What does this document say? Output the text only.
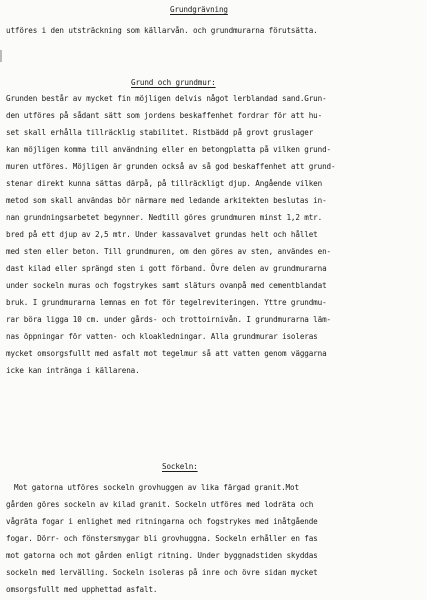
Grundgrävning
utföres i den utsträckning som källarvån. och grundmurarna förutsätta.
Grund och grundmur:
Grunden består av mycket fin möjligen delvis något lerblandad sand.Grun-
den utföres på sådant sätt som jordens beskaffenhet fordrar för att hu-
set skall erhålla tillräcklig stabilitet. Ristbädd på grovt gruslager
kan möjligen komma till användning eller en betongplatta på vilken grund-
muren utföres. Möjligen är grunden också av så god beskaffenhet att grund-
stenar direkt kunna sättas därpå, på tillräckligt djup. Angående vilken
metod som skall användas bör närmare med ledande arkitekten beslutas in-
nan grundningsarbetet begynner. Nedtill göres grundmuren minst 1,2 mtr.
bred på ett djup av 2,5 mtr. Under kassavalvet grundas helt och hållet
med sten eller beton. Till grundmuren, om den göres av sten, användes en-
dast kilad eller sprängd sten i gott förband. Övre delen av grundmurarna
under sockeln muras och fogstrykes samt släturs ovanpå med cementblandat
bruk. I grundmurarna lemnas en fot för tegelreviteringen. Yttre grundmu-
rar böra ligga 10 cm. under gårds- och trottoirnivån. I grundmurarna läm-
nas öppningar för vatten- och kloakledningar. Alla grundmurar isoleras
mycket omsorgsfullt med asfalt mot tegelmur så att vatten genom väggarna
icke kan intränga i källarena.
Sockeln:
Mot gatorna utföres sockeln grovhuggen av lika färgad granit.Mot
gården göres sockeln av kilad granit. Sockeln utföres med lodräta och
vågräta fogar i enlighet med ritningarna och fogstrykes med inåtgående
fogar. Dörr- och fönstersmygar bli grovhuggna. Sockeln erhåller en fas
mot gatorna och mot gården enligt ritning. Under byggnadstiden skyddas
sockeln med lervälling. Sockeln isoleras på inre och övre sidan mycket
omsorgsfullt med upphettad asfalt.
